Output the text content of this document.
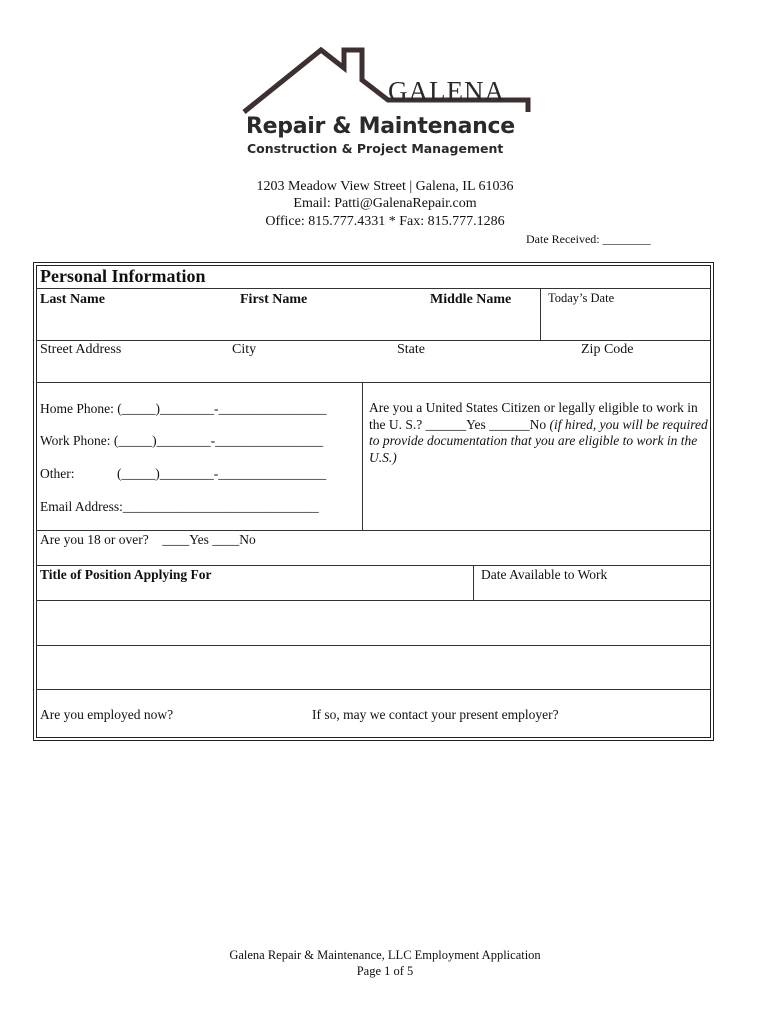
GALENA
Repair & Maintenance
Construction & Project Management
1203 Meadow View Street | Galena, IL 61036
Email: Patti@GalenaRepair.com
Office: 815.777.4331 * Fax: 815.777.1286
Date Received: ________
Personal Information
Last Name	First Name	Middle Name	Today’s Date
Street Address	City	State	Zip Code
Home Phone: (_____)________-________________
Work Phone: (_____)________-________________
Other:	(_____)________-________________
Email Address:_____________________________
Are you a United States Citizen or legally eligible to work in the U. S.? ______Yes ______No (if hired, you will be required to provide documentation that you are eligible to work in the U.S.)
Are you 18 or over?    ____Yes ____No
Title of Position Applying For	Date Available to Work
Are you employed now?	If so, may we contact your present employer?
Galena Repair & Maintenance, LLC Employment Application
Page 1 of 5
